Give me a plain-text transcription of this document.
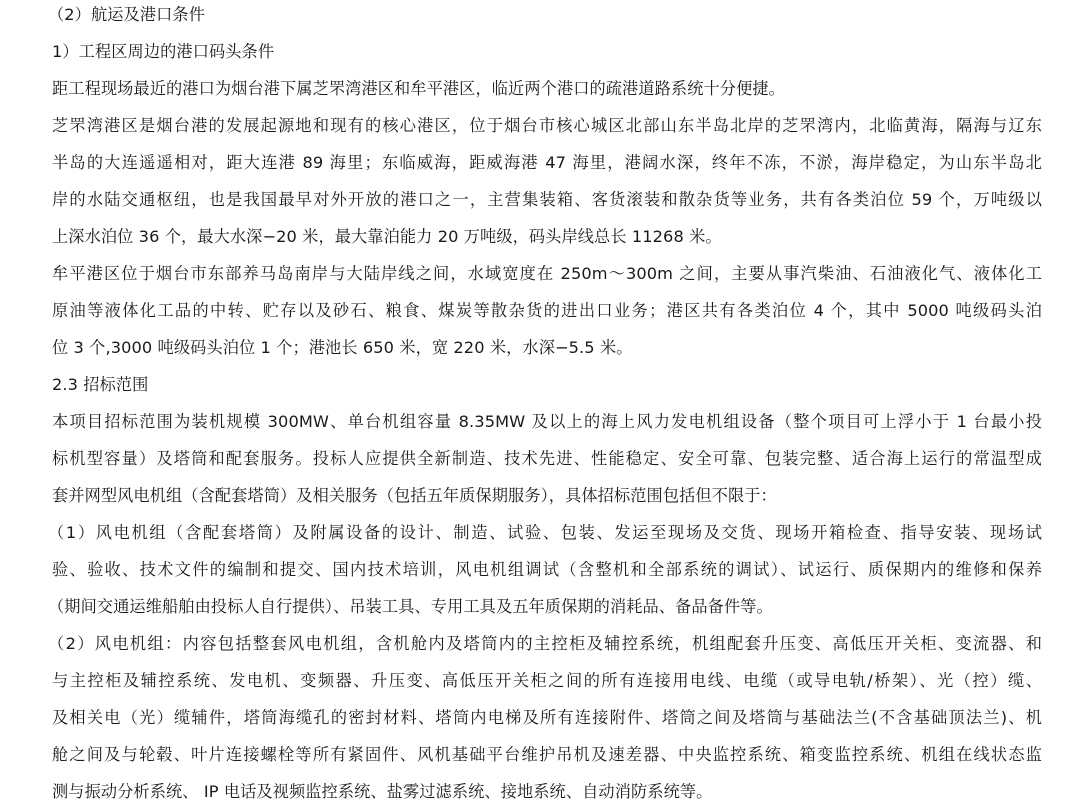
（2）航运及港口条件
1）工程区周边的港口码头条件
距工程现场最近的港口为烟台港下属芝罘湾港区和牟平港区，临近两个港口的疏港道路系统十分便捷。
芝罘湾港区是烟台港的发展起源地和现有的核心港区，位于烟台市核心城区北部山东半岛北岸的芝罘湾内，北临黄海，隔海与辽东
半岛的大连遥遥相对，距大连港 89 海里；东临威海，距威海港 47 海里，港阔水深，终年不冻，不淤，海岸稳定，为山东半岛北
岸的水陆交通枢纽，也是我国最早对外开放的港口之一，主营集装箱、客货滚装和散杂货等业务，共有各类泊位 59 个，万吨级以
上深水泊位 36 个，最大水深−20 米，最大靠泊能力 20 万吨级，码头岸线总长 11268 米。
牟平港区位于烟台市东部养马岛南岸与大陆岸线之间，水域宽度在 250m～300m 之间，主要从事汽柴油、石油液化气、液体化工
原油等液体化工品的中转、贮存以及砂石、粮食、煤炭等散杂货的进出口业务；港区共有各类泊位 4 个，其中 5000 吨级码头泊
位 3 个,3000 吨级码头泊位 1 个；港池长 650 米，宽 220 米，水深−5.5 米。
2.3 招标范围
本项目招标范围为装机规模 300MW、单台机组容量 8.35MW 及以上的海上风力发电机组设备（整个项目可上浮小于 1 台最小投
标机型容量）及塔筒和配套服务。投标人应提供全新制造、技术先进、性能稳定、安全可靠、包装完整、适合海上运行的常温型成
套并网型风电机组（含配套塔筒）及相关服务（包括五年质保期服务），具体招标范围包括但不限于：
（1）风电机组（含配套塔筒）及附属设备的设计、制造、试验、包装、发运至现场及交货、现场开箱检查、指导安装、现场试
验、验收、技术文件的编制和提交、国内技术培训，风电机组调试（含整机和全部系统的调试）、试运行、质保期内的维修和保养
（期间交通运维船舶由投标人自行提供）、吊装工具、专用工具及五年质保期的消耗品、备品备件等。
（2）风电机组：内容包括整套风电机组，含机舱内及塔筒内的主控柜及辅控系统，机组配套升压变、高低压开关柜、变流器、和
与主控柜及辅控系统、发电机、变频器、升压变、高低压开关柜之间的所有连接用电线、电缆（或导电轨/桥架）、光（控）缆、
及相关电（光）缆辅件，塔筒海缆孔的密封材料、塔筒内电梯及所有连接附件、塔筒之间及塔筒与基础法兰(不含基础顶法兰)、机
舱之间及与轮毂、叶片连接螺栓等所有紧固件、风机基础平台维护吊机及速差器、中央监控系统、箱变监控系统、机组在线状态监
测与振动分析系统、 IP 电话及视频监控系统、盐雾过滤系统、接地系统、自动消防系统等。
